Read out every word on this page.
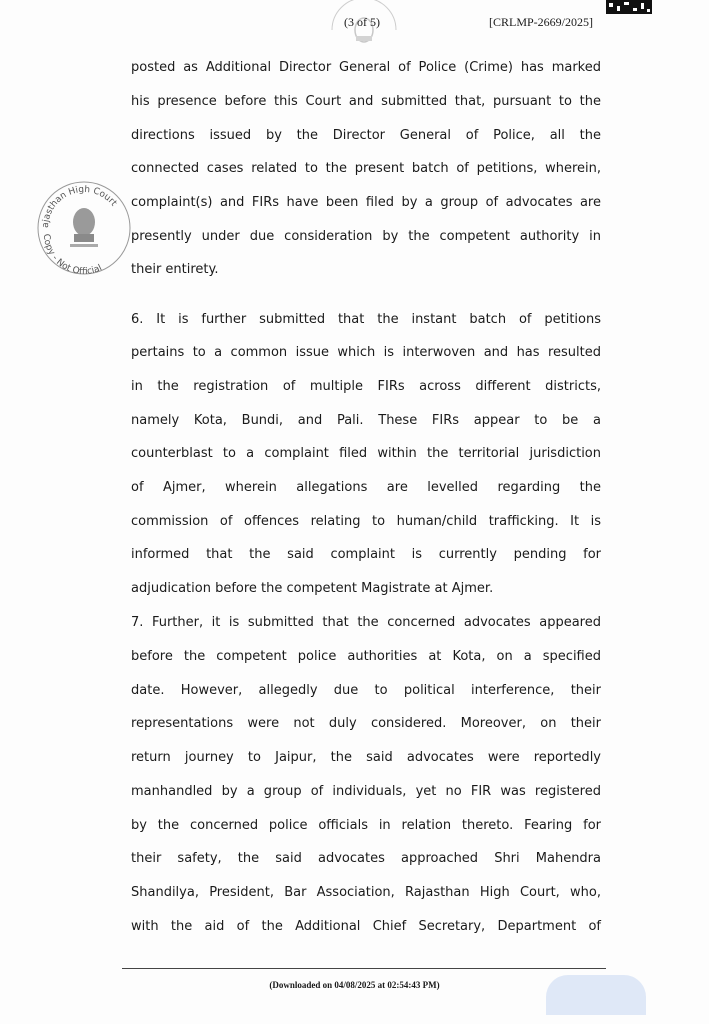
(3 of 5)	[CRLMP-2669/2025]
ajasthan High Court
Copy - Not Official
posted as Additional Director General of Police (Crime) has marked
his presence before this Court and submitted that, pursuant to the
directions issued by the Director General of Police, all the
connected cases related to the present batch of petitions, wherein,
complaint(s) and FIRs have been filed by a group of advocates are
presently under due consideration by the competent authority in
their entirety.
6. It is further submitted that the instant batch of petitions
pertains to a common issue which is interwoven and has resulted
in the registration of multiple FIRs across different districts,
namely Kota, Bundi, and Pali. These FIRs appear to be a
counterblast to a complaint filed within the territorial jurisdiction
of Ajmer, wherein allegations are levelled regarding the
commission of offences relating to human/child trafficking. It is
informed that the said complaint is currently pending for
adjudication before the competent Magistrate at Ajmer.
7. Further, it is submitted that the concerned advocates appeared
before the competent police authorities at Kota, on a specified
date. However, allegedly due to political interference, their
representations were not duly considered. Moreover, on their
return journey to Jaipur, the said advocates were reportedly
manhandled by a group of individuals, yet no FIR was registered
by the concerned police officials in relation thereto. Fearing for
their safety, the said advocates approached Shri Mahendra
Shandilya, President, Bar Association, Rajasthan High Court, who,
with the aid of the Additional Chief Secretary, Department of
(Downloaded on 04/08/2025 at 02:54:43 PM)
